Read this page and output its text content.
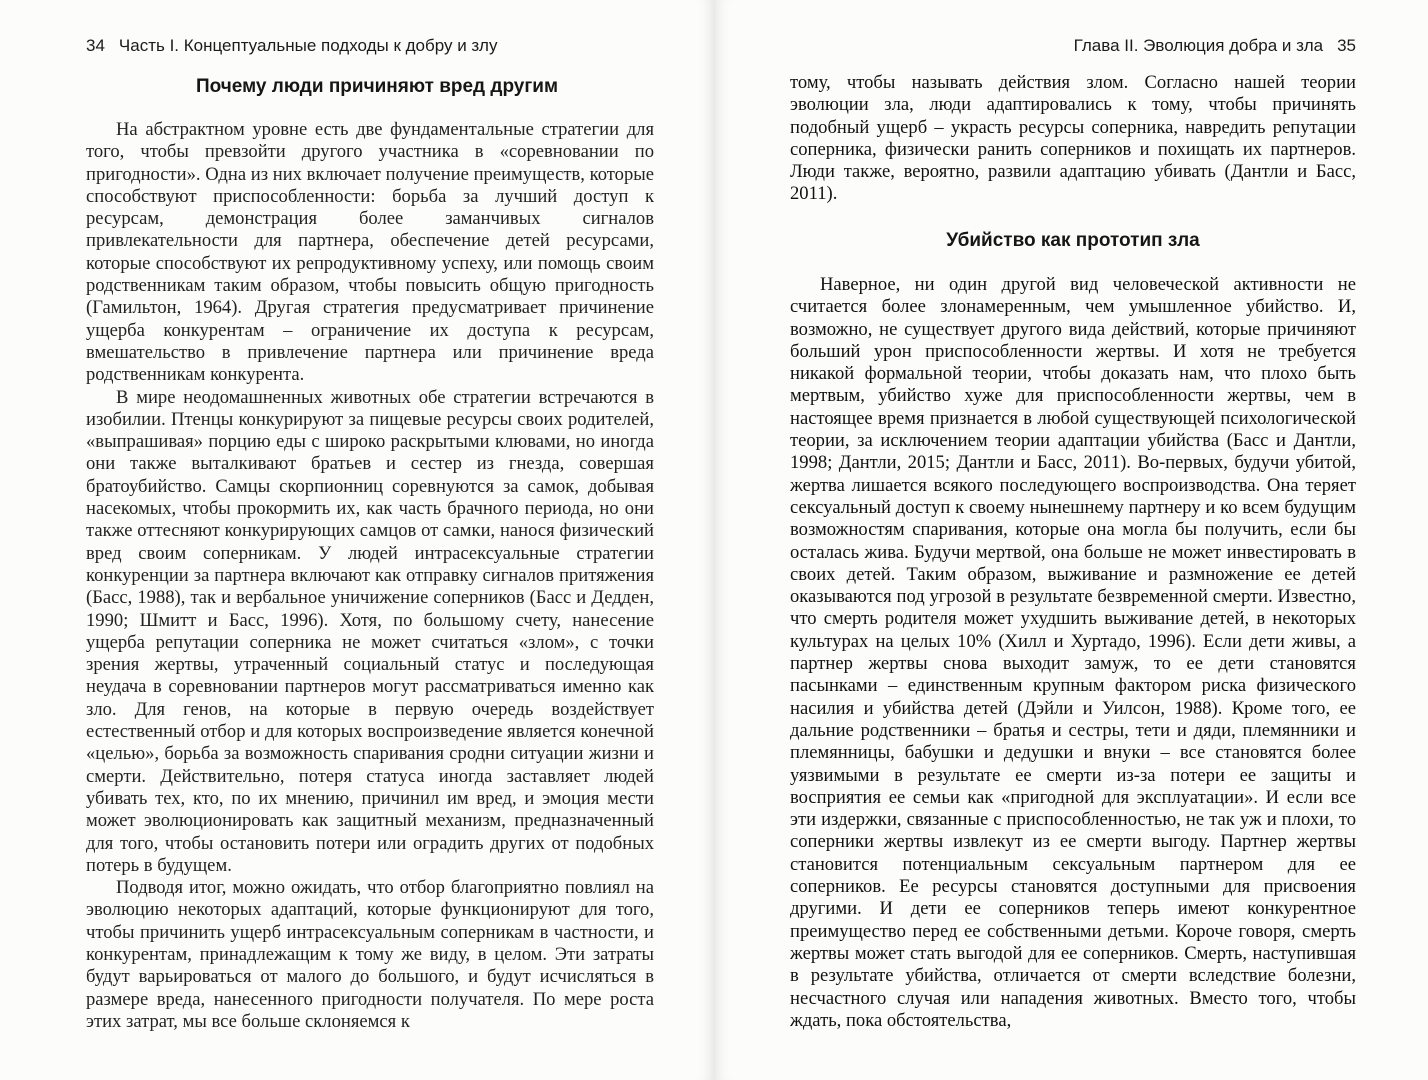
34 Часть I. Концептуальные подходы к добру и злу
Почему люди причиняют вред другим

На абстрактном уровне есть две фундаментальные стратегии для того, чтобы превзойти другого участника в «соревновании по пригодности». Одна из них включает получение преимуществ, которые способствуют приспособленности: борьба за лучший доступ к ресурсам, демонстрация более заманчивых сигналов привлекательности для партнера, обеспечение детей ресурсами, которые способствуют их репродуктивному успеху, или помощь своим родственникам таким образом, чтобы повысить общую пригодность (Гамильтон, 1964). Другая стратегия предусматривает причинение ущерба конкурентам – ограничение их доступа к ресурсам, вмешательство в привлечение партнера или причинение вреда родственникам конкурента.

В мире неодомашненных животных обе стратегии встречаются в изобилии. Птенцы конкурируют за пищевые ресурсы своих родителей, «выпрашивая» порцию еды с широко раскрытыми клювами, но иногда они также выталкивают братьев и сестер из гнезда, совершая братоубийство. Самцы скорпионниц соревнуются за самок, добывая насекомых, чтобы прокормить их, как часть брачного периода, но они также оттесняют конкурирующих самцов от самки, нанося физический вред своим соперникам. У людей интрасексуальные стратегии конкуренции за партнера включают как отправку сигналов притяжения (Басс, 1988), так и вербальное уничижение соперников (Басс и Дедден, 1990; Шмитт и Басс, 1996). Хотя, по большому счету, нанесение ущерба репутации соперника не может считаться «злом», с точки зрения жертвы, утраченный социальный статус и последующая неудача в соревновании партнеров могут рассматриваться именно как зло. Для генов, на которые в первую очередь воздействует естественный отбор и для которых воспроизведение является конечной «целью», борьба за возможность спаривания сродни ситуации жизни и смерти. Действительно, потеря статуса иногда заставляет людей убивать тех, кто, по их мнению, причинил им вред, и эмоция мести может эволюционировать как защитный механизм, предназначенный для того, чтобы остановить потери или оградить других от подобных потерь в будущем.

Подводя итог, можно ожидать, что отбор благоприятно повлиял на эволюцию некоторых адаптаций, которые функционируют для того, чтобы причинить ущерб интрасексуальным соперникам в частности, и конкурентам, принадлежащим к тому же виду, в целом. Эти затраты будут варьироваться от малого до большого, и будут исчисляться в размере вреда, нанесенного пригодности получателя. По мере роста этих затрат, мы все больше склоняемся к

Глава II. Эволюция добра и зла 35

тому, чтобы называть действия злом. Согласно нашей теории эволюции зла, люди адаптировались к тому, чтобы причинять подобный ущерб – украсть ресурсы соперника, навредить репутации соперника, физически ранить соперников и похищать их партнеров. Люди также, вероятно, развили адаптацию убивать (Дантли и Басс, 2011).

Убийство как прототип зла

Наверное, ни один другой вид человеческой активности не считается более злонамеренным, чем умышленное убийство. И, возможно, не существует другого вида действий, которые причиняют больший урон приспособленности жертвы. И хотя не требуется никакой формальной теории, чтобы доказать нам, что плохо быть мертвым, убийство хуже для приспособленности жертвы, чем в настоящее время признается в любой существующей психологической теории, за исключением теории адаптации убийства (Басс и Дантли, 1998; Дантли, 2015; Дантли и Басс, 2011). Во-первых, будучи убитой, жертва лишается всякого последующего воспроизводства. Она теряет сексуальный доступ к своему нынешнему партнеру и ко всем будущим возможностям спаривания, которые она могла бы получить, если бы осталась жива. Будучи мертвой, она больше не может инвестировать в своих детей. Таким образом, выживание и размножение ее детей оказываются под угрозой в результате безвременной смерти. Известно, что смерть родителя может ухудшить выживание детей, в некоторых культурах на целых 10% (Хилл и Хуртадо, 1996). Если дети живы, а партнер жертвы снова выходит замуж, то ее дети становятся пасынками – единственным крупным фактором риска физического насилия и убийства детей (Дэйли и Уилсон, 1988). Кроме того, ее дальние родственники – братья и сестры, тети и дяди, племянники и племянницы, бабушки и дедушки и внуки – все становятся более уязвимыми в результате ее смерти из-за потери ее защиты и восприятия ее семьи как «пригодной для эксплуатации». И если все эти издержки, связанные с приспособленностью, не так уж и плохи, то соперники жертвы извлекут из ее смерти выгоду. Партнер жертвы становится потенциальным сексуальным партнером для ее соперников. Ее ресурсы становятся доступными для присвоения другими. И дети ее соперников теперь имеют конкурентное преимущество перед ее собственными детьми. Короче говоря, смерть жертвы может стать выгодой для ее соперников. Смерть, наступившая в результате убийства, отличается от смерти вследствие болезни, несчастного случая или нападения животных. Вместо того, чтобы ждать, пока обстоятельства,
